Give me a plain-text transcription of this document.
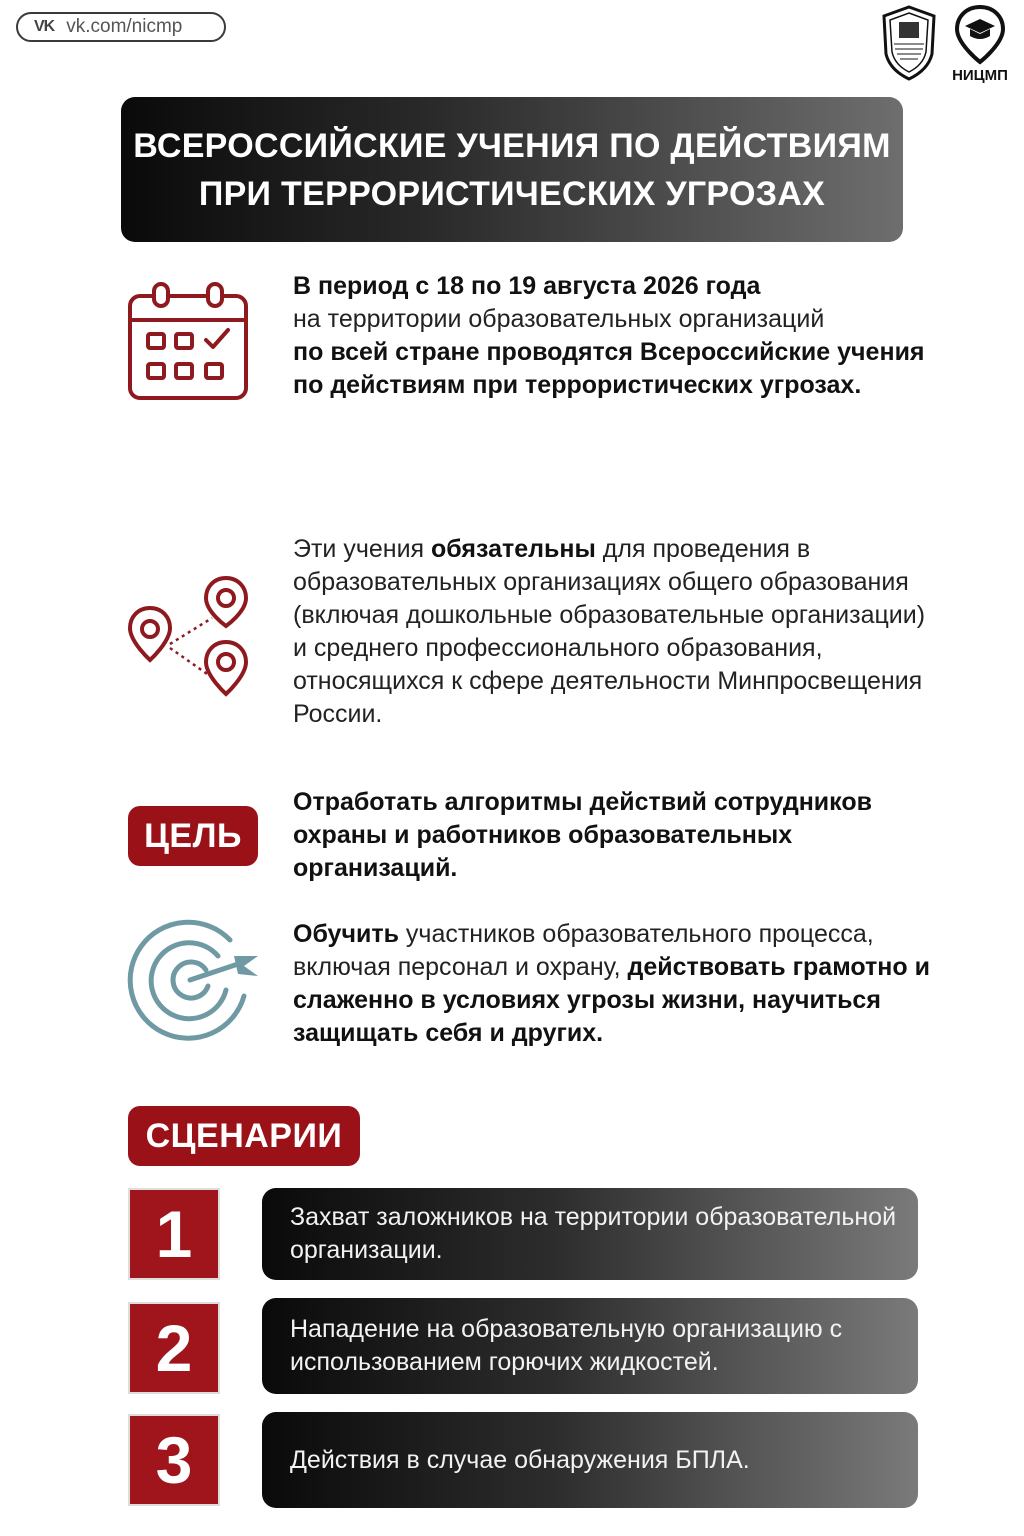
VK vk.com/nicmp
НИЦМП
ВСЕРОССИЙСКИЕ УЧЕНИЯ ПО ДЕЙСТВИЯМ
ПРИ ТЕРРОРИСТИЧЕСКИХ УГРОЗАХ
В период с 18 по 19 августа 2026 года
на территории образовательных организаций
по всей стране проводятся Всероссийские учения по действиям при террористических угрозах.
Эти учения обязательны для проведения в образовательных организациях общего образования (включая дошкольные образовательные организации) и среднего профессионального образования, относящихся к сфере деятельности Минпросвещения России.
ЦЕЛЬ
Отработать алгоритмы действий сотрудников охраны и работников образовательных организаций.
Обучить участников образовательного процесса, включая персонал и охрану, действовать грамотно и слаженно в условиях угрозы жизни, научиться защищать себя и других.
СЦЕНАРИИ
1	Захват заложников на территории образовательной организации.
2	Нападение на образовательную организацию с использованием горючих жидкостей.
3	Действия в случае обнаружения БПЛА.
